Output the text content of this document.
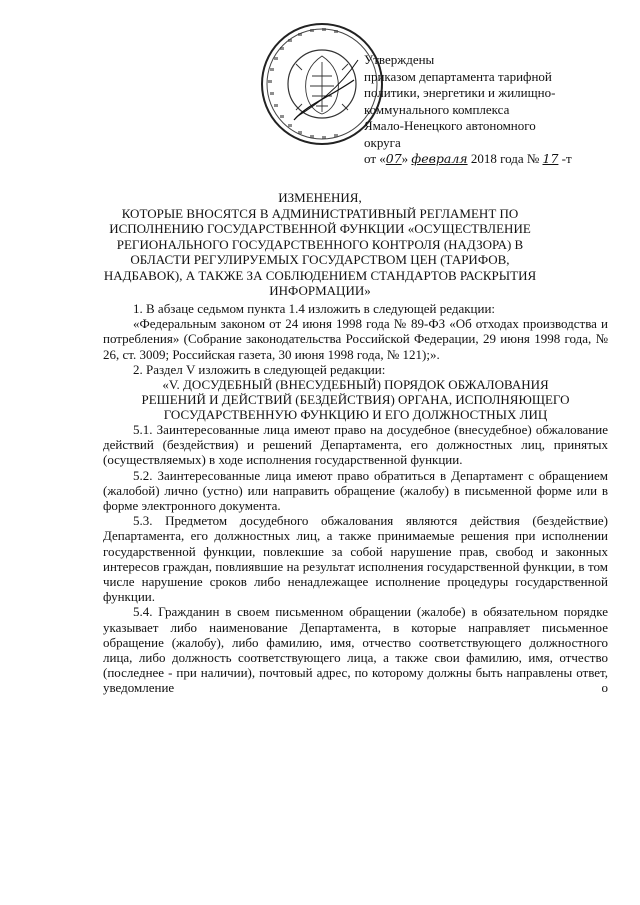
Утверждены
приказом департамента тарифной
политики, энергетики и жилищно-
коммунального комплекса
Ямало-Ненецкого автономного
округа
от «07» февраля 2018 года № 17 -т
ИЗМЕНЕНИЯ,
КОТОРЫЕ ВНОСЯТСЯ В АДМИНИСТРАТИВНЫЙ РЕГЛАМЕНТ ПО
ИСПОЛНЕНИЮ ГОСУДАРСТВЕННОЙ ФУНКЦИИ «ОСУЩЕСТВЛЕНИЕ
РЕГИОНАЛЬНОГО ГОСУДАРСТВЕННОГО КОНТРОЛЯ (НАДЗОРА) В
ОБЛАСТИ РЕГУЛИРУЕМЫХ ГОСУДАРСТВОМ ЦЕН (ТАРИФОВ,
НАДБАВОК), А ТАКЖЕ ЗА СОБЛЮДЕНИЕМ СТАНДАРТОВ РАСКРЫТИЯ
ИНФОРМАЦИИ»

1. В абзаце седьмом пункта 1.4 изложить в следующей редакции:

«Федеральным законом от 24 июня 1998 года № 89-ФЗ «Об отходах производства и потребления» (Собрание законодательства Российской Федерации, 29 июня 1998 года, № 26, ст. 3009; Российская газета, 30 июня 1998 года, № 121);».

2. Раздел V изложить в следующей редакции:

«V. ДОСУДЕБНЫЙ (ВНЕСУДЕБНЫЙ) ПОРЯДОК ОБЖАЛОВАНИЯ
РЕШЕНИЙ И ДЕЙСТВИЙ (БЕЗДЕЙСТВИЯ) ОРГАНА, ИСПОЛНЯЮЩЕГО
ГОСУДАРСТВЕННУЮ ФУНКЦИЮ И ЕГО ДОЛЖНОСТНЫХ ЛИЦ

5.1. Заинтересованные лица имеют право на досудебное (внесудебное) обжалование действий (бездействия) и решений Департамента, его должностных лиц, принятых (осуществляемых) в ходе исполнения государственной функции.

5.2. Заинтересованные лица имеют право обратиться в Департамент с обращением (жалобой) лично (устно) или направить обращение (жалобу) в письменной форме или в форме электронного документа.

5.3. Предметом досудебного обжалования являются действия (бездействие) Департамента, его должностных лиц, а также принимаемые решения при исполнении государственной функции, повлекшие за собой нарушение прав, свобод и законных интересов граждан, повлиявшие на результат исполнения государственной функции, в том числе нарушение сроков либо ненадлежащее исполнение процедуры государственной функции.

5.4. Гражданин в своем письменном обращении (жалобе) в обязательном порядке указывает либо наименование Департамента, в которые направляет письменное обращение (жалобу), либо фамилию, имя, отчество соответствующего должностного лица, либо должность соответствующего лица, а также свои фамилию, имя, отчество (последнее - при наличии), почтовый адрес, по которому должны быть направлены ответ, уведомление о
